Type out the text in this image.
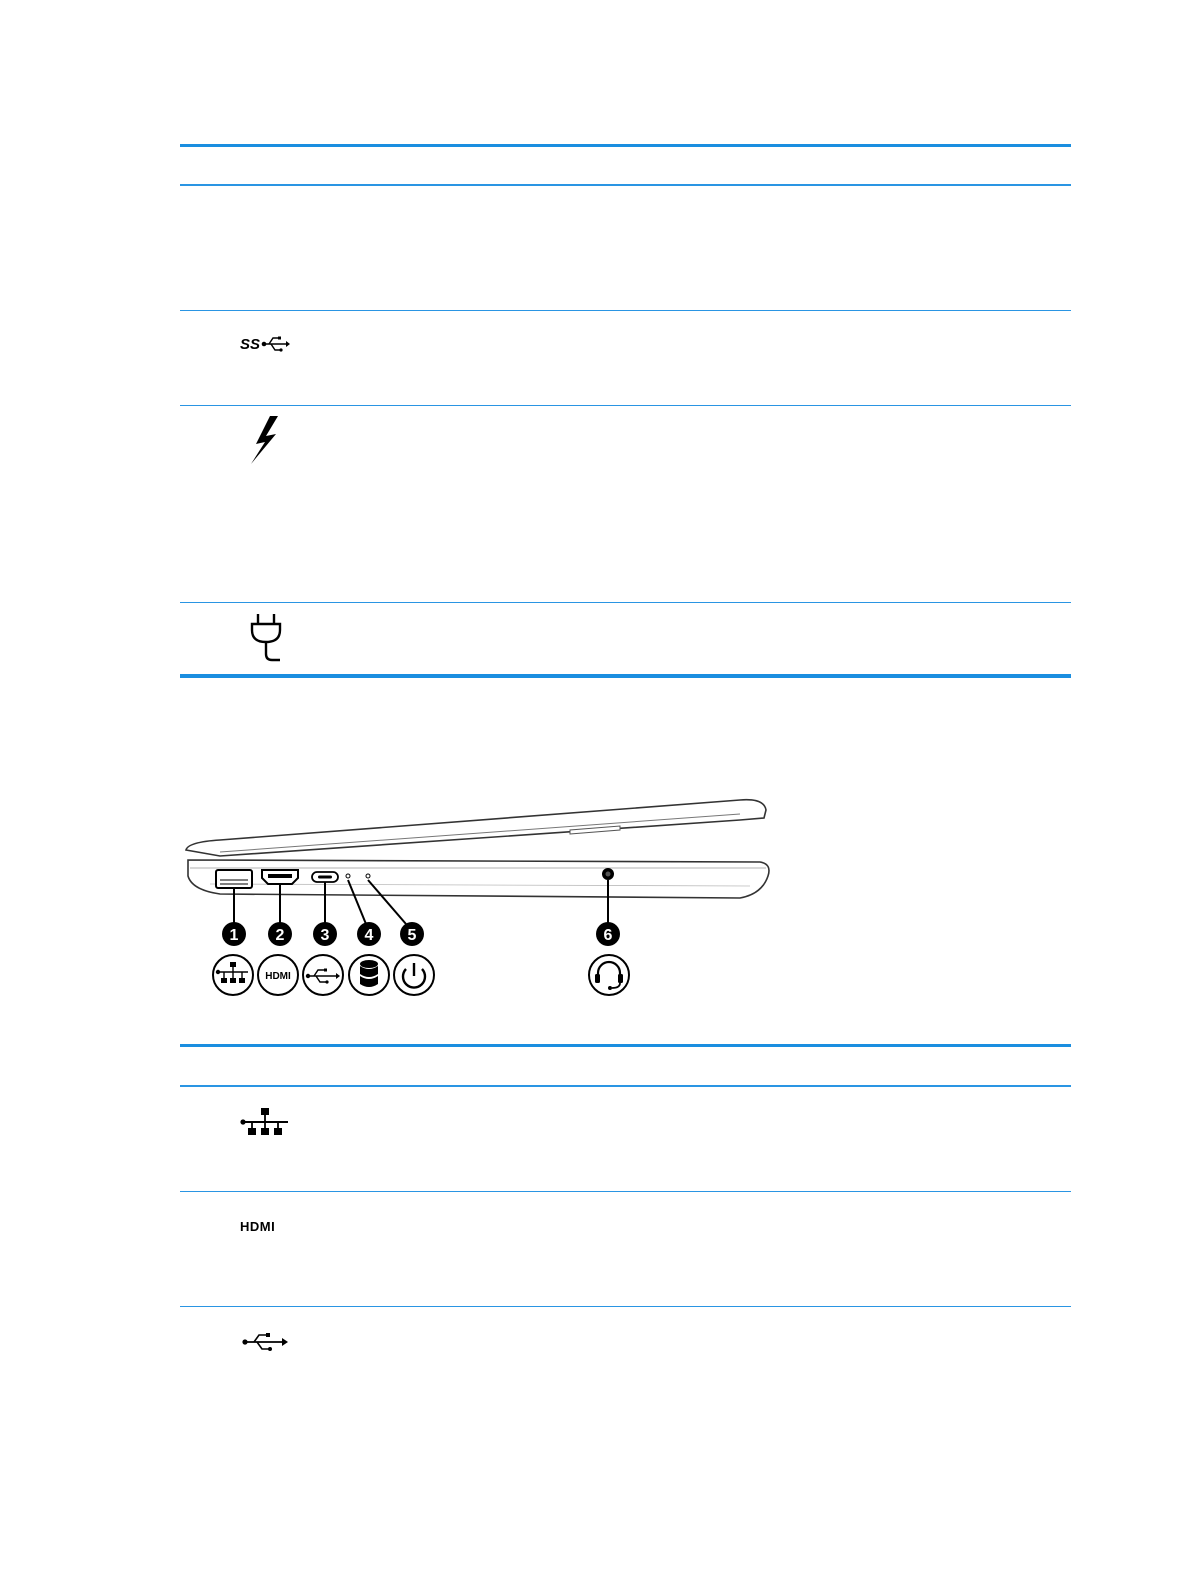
SS
1 2 3 4 5	6
HDMI
HDMI
